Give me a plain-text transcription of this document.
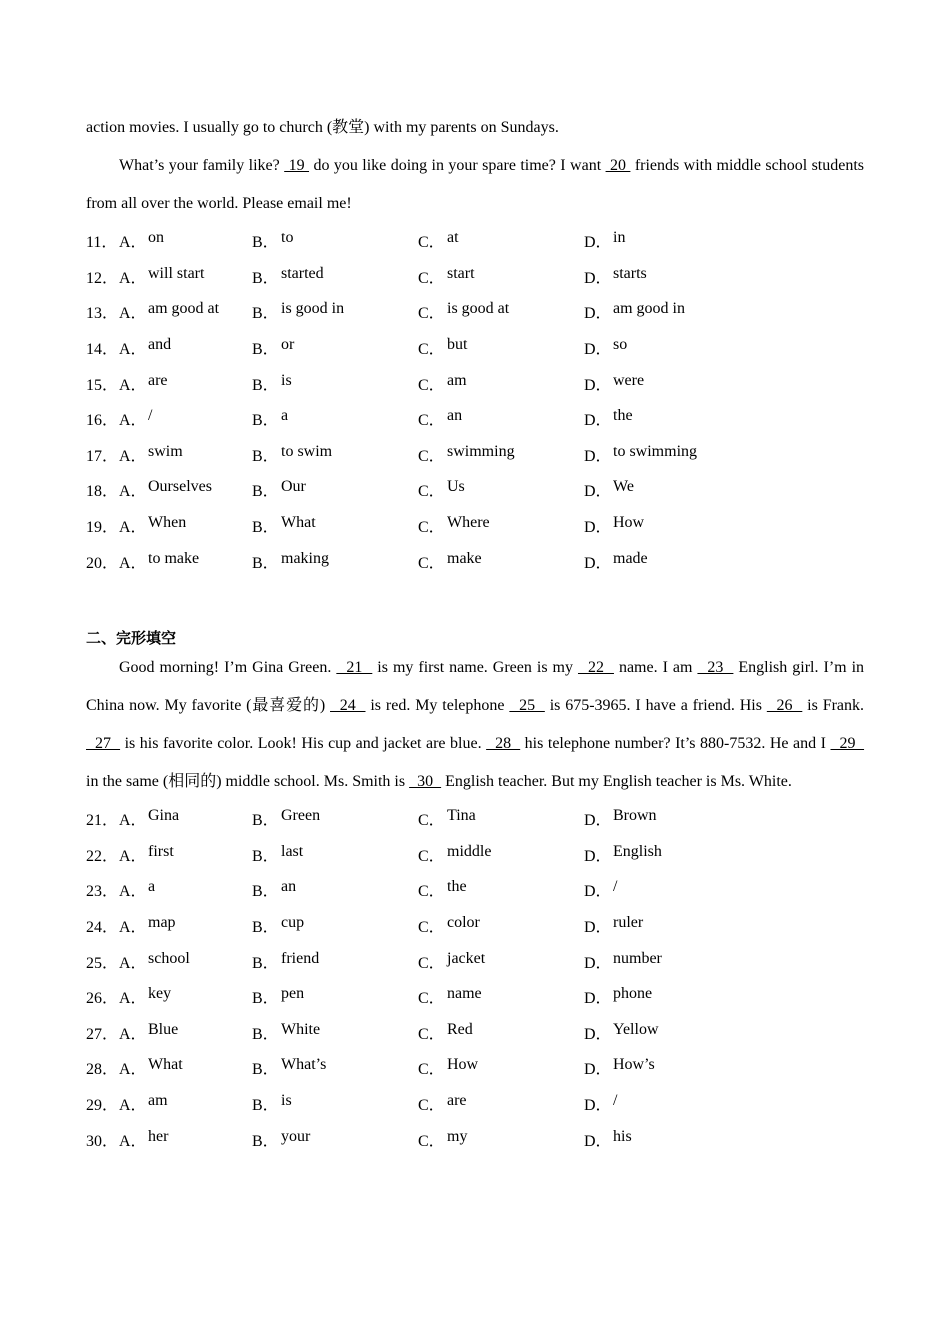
action movies. I usually go to church (教堂) with my parents on Sundays.

What’s your family like?  19  do you like doing in your spare time? I want  20  friends with middle school students from all over the world. Please email me!

11． A． on	B． to	C． at	D． in
12． A． will start	B． started	C． start	D． starts
13． A． am good at B． is good in	C． is good at	D． am good in
14． A． and	B． or	C． but	D． so
15． A． are	B． is	C． am	D． were
16． A． /	B． a	C． an	D． the
17． A． swim	B． to swim	C． swimming	D． to swimming
18． A． Ourselves	B． Our	C． Us	D． We
19． A． When	B． What	C． Where	D． How
20． A． to make	B． making	C． make	D． made
二、完形填空

Good morning! I’m Gina Green.   21   is my first name. Green is my   22   name. I am   23   English girl. I’m in China now. My favorite (最喜爱的)   24   is red. My telephone   25   is 675-3965. I have a friend. His   26   is Frank.   27   is his favorite color. Look! His cup and jacket are blue.   28   his telephone number? It’s 880-7532. He and I   29   in the same (相同的) middle school. Ms. Smith is   30   English teacher. But my English teacher is Ms. White.

21． A． Gina	B． Green	C． Tina	D． Brown
22． A． first	B． last	C． middle	D． English
23． A． a	B． an	C． the	D． /
24． A． map	B． cup	C． color	D． ruler
25． A． school	B． friend	C． jacket	D． number
26． A． key	B． pen	C． name	D． phone
27． A． Blue	B． White	C． Red	D． Yellow
28． A． What	B． What’s	C． How	D． How’s
29． A． am	B． is	C． are	D． /
30． A． her	B． your	C． my	D． his
